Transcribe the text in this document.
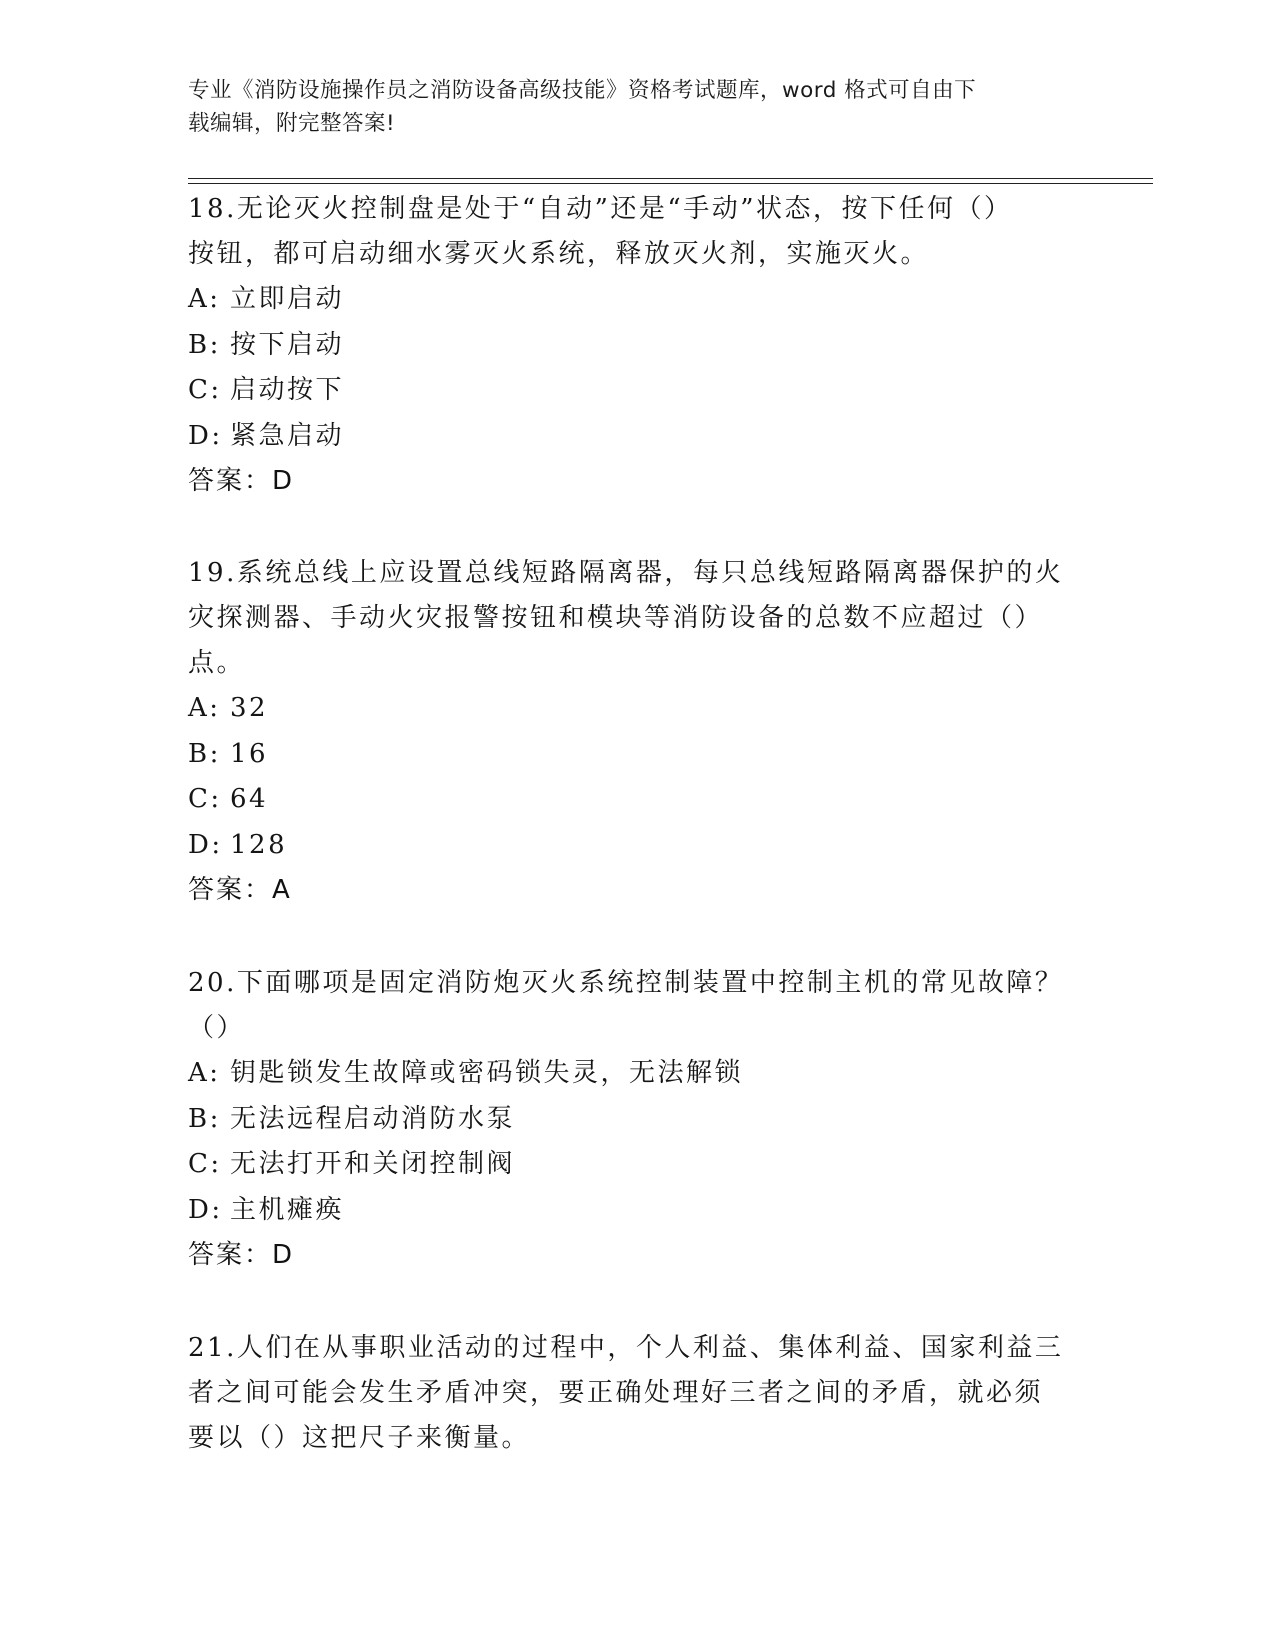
专业《消防设施操作员之消防设备高级技能》资格考试题库，word 格式可自由下
载编辑，附完整答案!
18.无论灭火控制盘是处于“自动”还是“手动”状态，按下任何（）
按钮，都可启动细水雾灭火系统，释放灭火剂，实施灭火。
A: 立即启动
B: 按下启动
C: 启动按下
D: 紧急启动
答案：D
19.系统总线上应设置总线短路隔离器，每只总线短路隔离器保护的火
灾探测器、手动火灾报警按钮和模块等消防设备的总数不应超过（）
点。
A: 32
B: 16
C: 64
D: 128
答案：A
20.下面哪项是固定消防炮灭火系统控制装置中控制主机的常见故障？
（）
A: 钥匙锁发生故障或密码锁失灵，无法解锁
B: 无法远程启动消防水泵
C: 无法打开和关闭控制阀
D: 主机瘫痪
答案：D
21.人们在从事职业活动的过程中，个人利益、集体利益、国家利益三
者之间可能会发生矛盾冲突，要正确处理好三者之间的矛盾，就必须
要以（）这把尺子来衡量。
